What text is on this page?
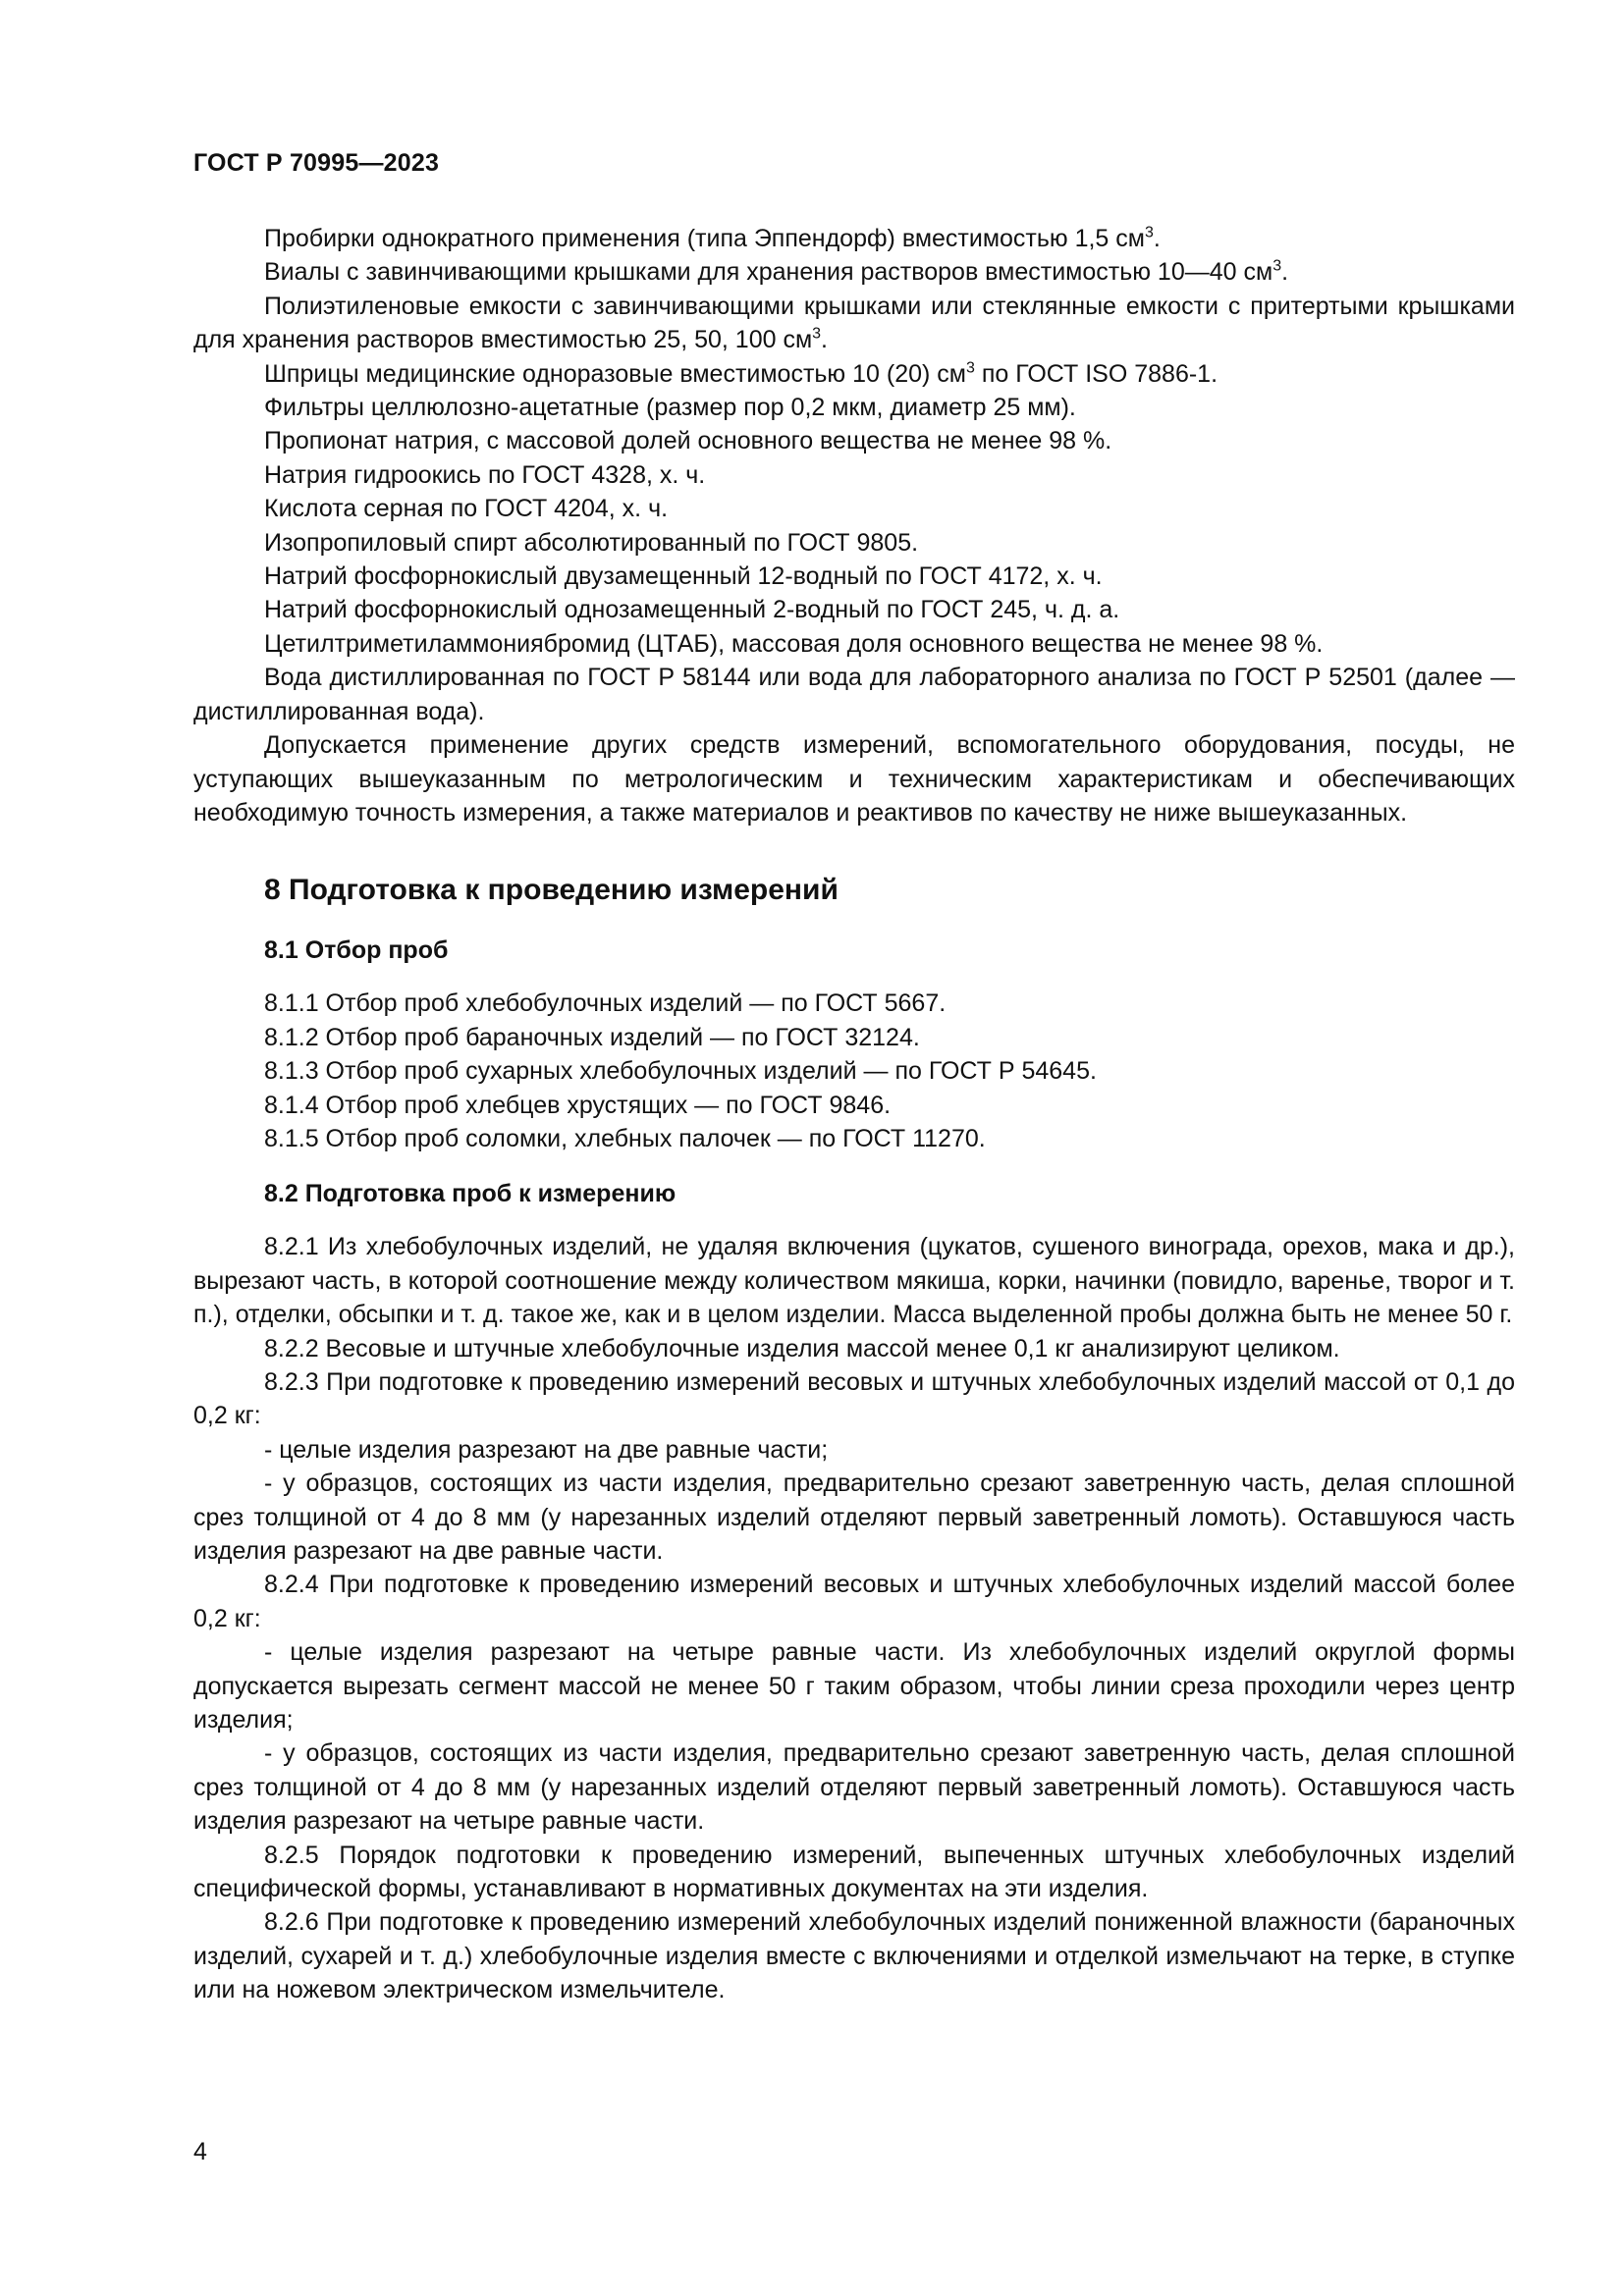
ГОСТ Р 70995—2023

Пробирки однократного применения (типа Эппендорф) вместимостью 1,5 $см^3$.

Виалы с завинчивающими крышками для хранения растворов вместимостью 10—40 $см^3$.

Полиэтиленовые емкости с завинчивающими крышками или стеклянные емкости с притертыми крышками для хранения растворов вместимостью 25, 50, 100 $см^3$.

Шприцы медицинские одноразовые вместимостью 10 (20) $см^3$ по ГОСТ ISO 7886-1.

Фильтры целлюлозно-ацетатные (размер пор 0,2 мкм, диаметр 25 мм).

Пропионат натрия, с массовой долей основного вещества не менее 98 %.

Натрия гидроокись по ГОСТ 4328, х. ч.

Кислота серная по ГОСТ 4204, х. ч.

Изопропиловый спирт абсолютированный по ГОСТ 9805.

Натрий фосфорнокислый двузамещенный 12-водный по ГОСТ 4172, х. ч.

Натрий фосфорнокислый однозамещенный 2-водный по ГОСТ 245, ч. д. а.

Цетилтриметиламмониябромид (ЦТАБ), массовая доля основного вещества не менее 98 %.

Вода дистиллированная по ГОСТ Р 58144 или вода для лабораторного анализа по ГОСТ Р 52501 (далее — дистиллированная вода).

Допускается применение других средств измерений, вспомогательного оборудования, посуды, не уступающих вышеуказанным по метрологическим и техническим характеристикам и обеспечивающих необходимую точность измерения, а также материалов и реактивов по качеству не ниже вышеуказанных.

8 Подготовка к проведению измерений
8.1 Отбор проб

8.1.1 Отбор проб хлебобулочных изделий — по ГОСТ 5667.

8.1.2 Отбор проб бараночных изделий — по ГОСТ 32124.

8.1.3 Отбор проб сухарных хлебобулочных изделий — по ГОСТ Р 54645.

8.1.4 Отбор проб хлебцев хрустящих — по ГОСТ 9846.

8.1.5 Отбор проб соломки, хлебных палочек — по ГОСТ 11270.

8.2 Подготовка проб к измерению

8.2.1 Из хлебобулочных изделий, не удаляя включения (цукатов, сушеного винограда, орехов, мака и др.), вырезают часть, в которой соотношение между количеством мякиша, корки, начинки (повидло, варенье, творог и т. п.), отделки, обсыпки и т. д. такое же, как и в целом изделии. Масса выделенной пробы должна быть не менее 50 г.

8.2.2 Весовые и штучные хлебобулочные изделия массой менее 0,1 кг анализируют целиком.

8.2.3 При подготовке к проведению измерений весовых и штучных хлебобулочных изделий массой от 0,1 до 0,2 кг:

- целые изделия разрезают на две равные части;

- у образцов, состоящих из части изделия, предварительно срезают заветренную часть, делая сплошной срез толщиной от 4 до 8 мм (у нарезанных изделий отделяют первый заветренный ломоть). Оставшуюся часть изделия разрезают на две равные части.

8.2.4 При подготовке к проведению измерений весовых и штучных хлебобулочных изделий массой более 0,2 кг:

- целые изделия разрезают на четыре равные части. Из хлебобулочных изделий округлой формы допускается вырезать сегмент массой не менее 50 г таким образом, чтобы линии среза проходили через центр изделия;

- у образцов, состоящих из части изделия, предварительно срезают заветренную часть, делая сплошной срез толщиной от 4 до 8 мм (у нарезанных изделий отделяют первый заветренный ломоть). Оставшуюся часть изделия разрезают на четыре равные части.

8.2.5 Порядок подготовки к проведению измерений, выпеченных штучных хлебобулочных изделий специфической формы, устанавливают в нормативных документах на эти изделия.

8.2.6 При подготовке к проведению измерений хлебобулочных изделий пониженной влажности (бараночных изделий, сухарей и т. д.) хлебобулочные изделия вместе с включениями и отделкой измельчают на терке, в ступке или на ножевом электрическом измельчителе.

4
